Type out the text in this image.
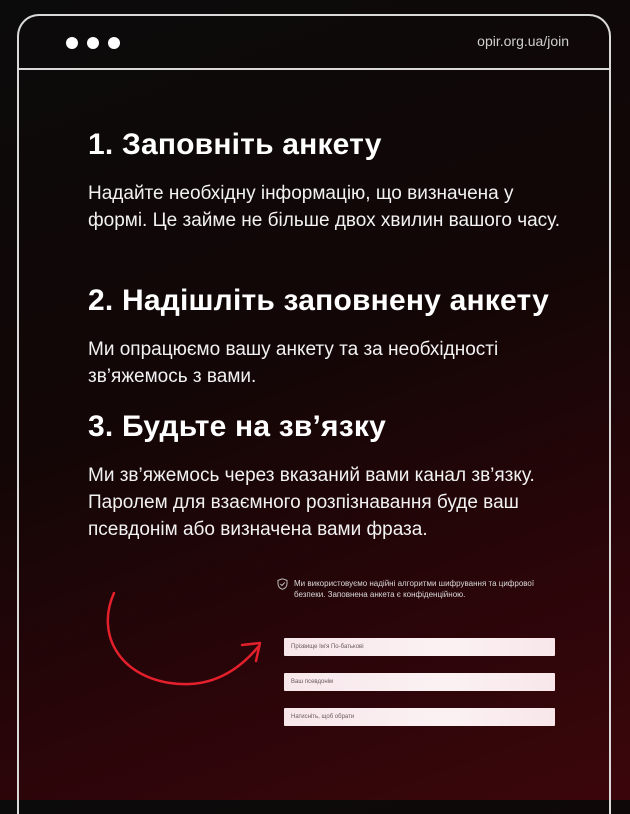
opir.org.ua/join
1. Заповніть анкету

Надайте необхідну інформацію, що визначена у формі. Це займе не більше двох хвилин вашого часу.

2. Надішліть заповнену анкету

Ми опрацюємо вашу анкету та за необхідності зв’яжемось з вами.

3. Будьте на зв’язку

Ми зв’яжемось через вказаний вами канал зв’язку. Паролем для взаємного розпізнавання буде ваш псевдонім або визначена вами фраза.

Ми використовуємо надійні алгоритми шифрування та цифрової безпеки. Заповнена анкета є конфіденційною.
Прізвище Ім'я По-батькові
Ваш псевдонім
Натисніть, щоб обрати
